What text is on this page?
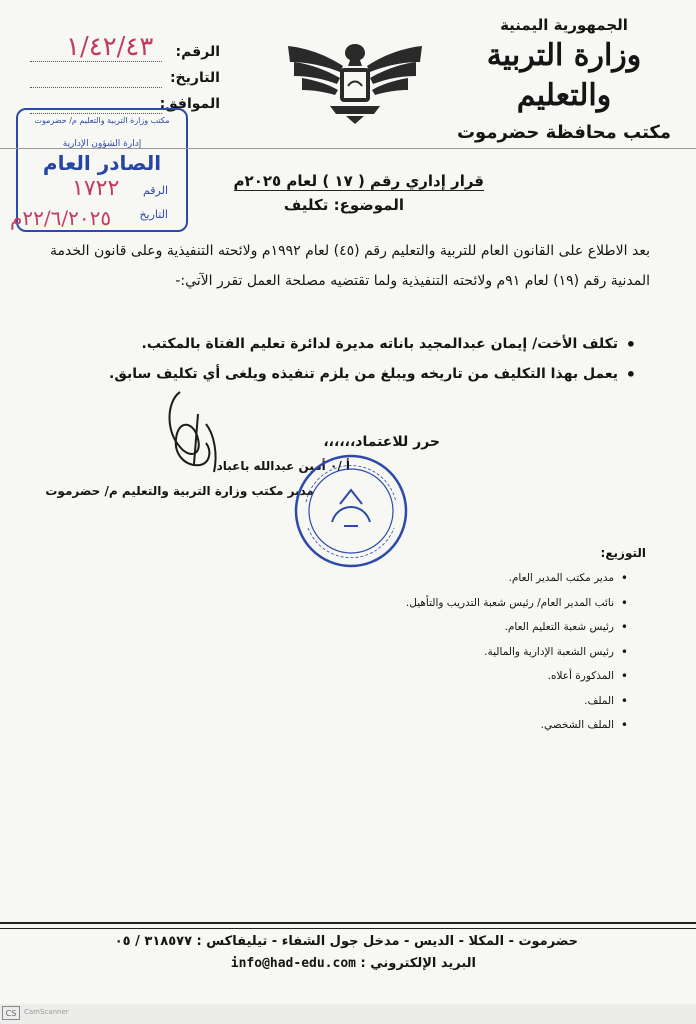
الجمهورية اليمنية
وزارة التربية والتعليم
مكتب محافظة حضرموت
الرقم:
١/٤٢/٤٣
التاريخ:
الموافق:
مكتب وزارة التربية والتعليم م/ حضرموت
إدارة الشؤون الإدارية
الصادر العام
الرقم
التاريخ
١٧٢٢
٢٢/٦/٢٠٢٥م
قرار إداري رقم ( ١٧ ) لعام ٢٠٢٥م
الموضوع: تكليف
بعد الاطلاع على القانون العام للتربية والتعليم رقم (٤٥) لعام ١٩٩٢م ولائحته التنفيذية وعلى قانون الخدمة المدنية رقم (١٩) لعام ٩١م ولائحته التنفيذية ولما تقتضيه مصلحة العمل تقرر الآتي:-
• تكلف الأخت/ إيمان عبدالمجيد باناته مديرة لدائرة تعليم الفتاة بالمكتب.
• يعمل بهذا التكليف من تاريخه ويبلغ من يلزم تنفيذه ويلغى أي تكليف سابق.
حرر للاعتماد،،،،،،
أ /٠ أمين عبدالله باعباد
مدير مكتب وزارة التربية والتعليم م/ حضرموت
التوزيع:
• مدير مكتب المدير العام.
• نائب المدير العام/ رئيس شعبة التدريب والتأهيل.
• رئيس شعبة التعليم العام.
• رئيس الشعبة الإدارية والمالية.
• المذكورة أعلاه.
• الملف.
• الملف الشخصي.
حضرموت - المكلا - الديس - مدخل جول الشفاء - تيليفاكس : ٣١٨٥٧٧ / ٠٥
البريد الإلكتروني : info@had-edu.com
CS	CamScanner
